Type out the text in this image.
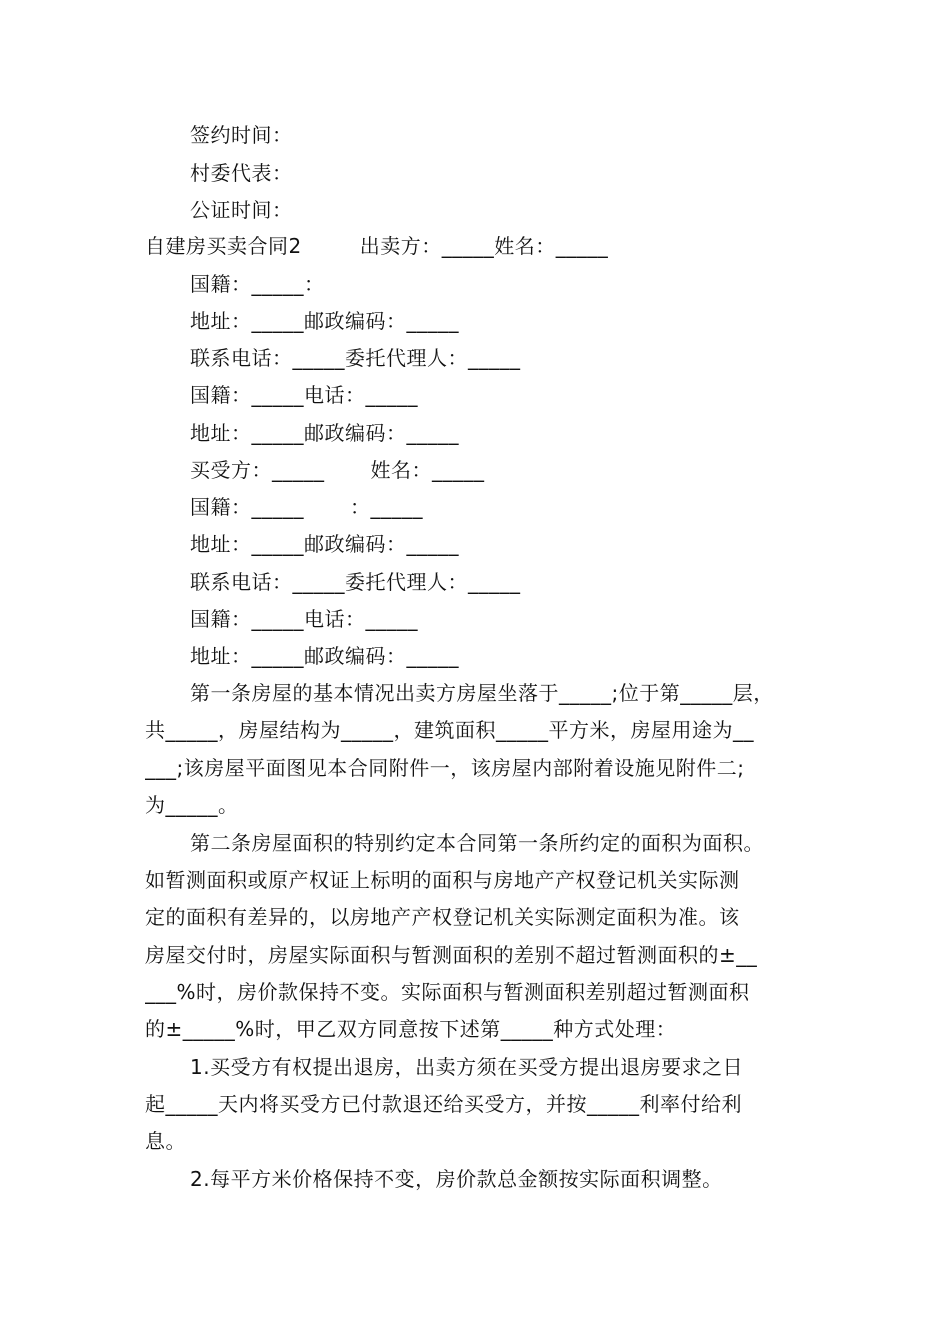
签约时间：
村委代表：
公证时间：
自建房买卖合同2	出卖方：_____姓名：_____
国籍：_____：
地址：_____邮政编码：_____
联系电话：_____委托代理人：_____
国籍：_____电话：_____
地址：_____邮政编码：_____
买受方：_____ 姓名：_____
国籍：_____ ：_____
地址：_____邮政编码：_____
联系电话：_____委托代理人：_____
国籍：_____电话：_____
地址：_____邮政编码：_____
第一条房屋的基本情况出卖方房屋坐落于_____;位于第_____层，
共_____，房屋结构为_____，建筑面积_____平方米，房屋用途为__
___;该房屋平面图见本合同附件一，该房屋内部附着设施见附件二;
为_____。
第二条房屋面积的特别约定本合同第一条所约定的面积为面积。
如暂测面积或原产权证上标明的面积与房地产产权登记机关实际测
定的面积有差异的，以房地产产权登记机关实际测定面积为准。该
房屋交付时，房屋实际面积与暂测面积的差别不超过暂测面积的±__
___%时，房价款保持不变。实际面积与暂测面积差别超过暂测面积
的±_____%时，甲乙双方同意按下述第_____种方式处理：
1.买受方有权提出退房，出卖方须在买受方提出退房要求之日
起_____天内将买受方已付款退还给买受方，并按_____利率付给利
息。
2.每平方米价格保持不变，房价款总金额按实际面积调整。
